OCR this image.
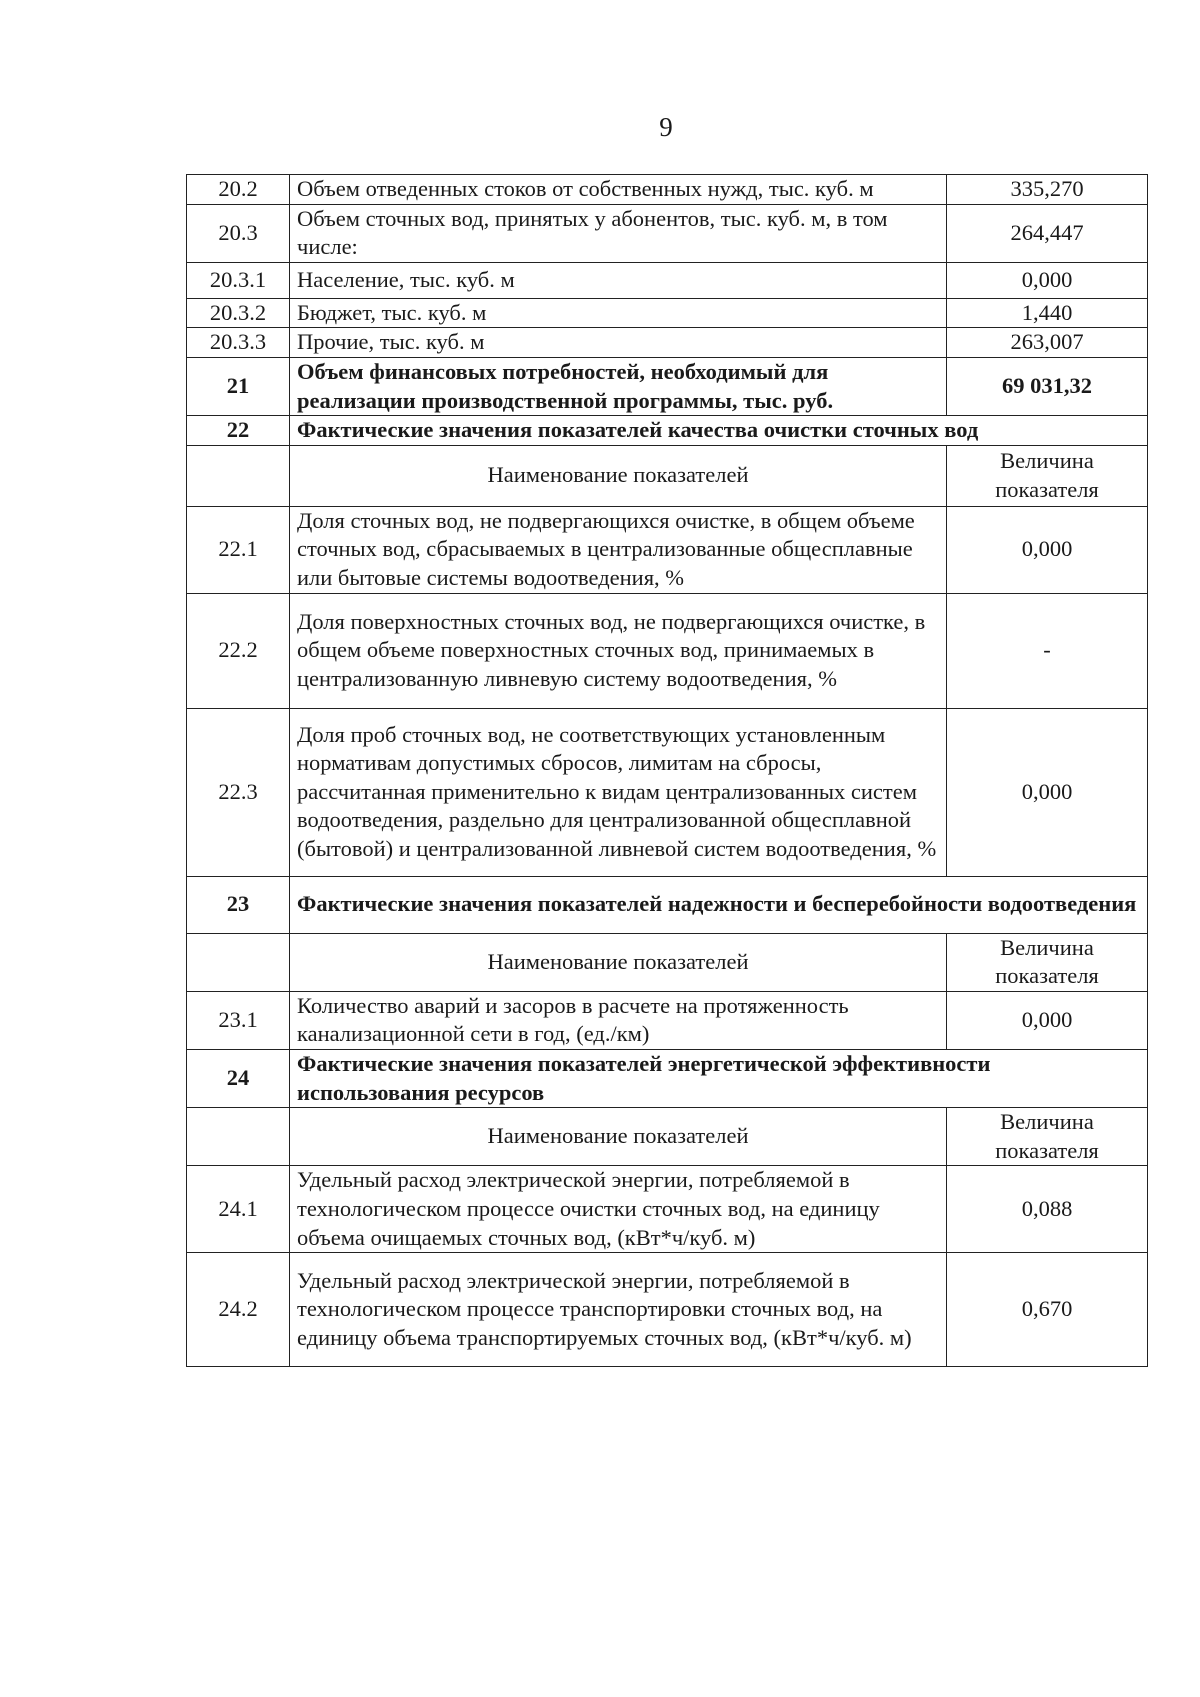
9
20.2	Объем отведенных стоков от собственных нужд, тыс. куб. м	335,270
20.3	Объем сточных вод, принятых у абонентов, тыс. куб. м, в том числе:	264,447
20.3.1	Население, тыс. куб. м	0,000
20.3.2	Бюджет, тыс. куб. м	1,440
20.3.3	Прочие, тыс. куб. м	263,007
21	Объем финансовых потребностей, необходимый для реализации производственной программы, тыс. руб.	69 031,32
22	Фактические значения показателей качества очистки сточных вод	
	Наименование показателей	Величина показателя
22.1	Доля сточных вод, не подвергающихся очистке, в общем объеме сточных вод, сбрасываемых в централизованные общесплавные или бытовые системы водоотведения, %	0,000
22.2	Доля поверхностных сточных вод, не подвергающихся очистке, в общем объеме поверхностных сточных вод, принимаемых в централизованную ливневую систему водоотведения, %	-
22.3	Доля проб сточных вод, не соответствующих установленным нормативам допустимых сбросов, лимитам на сбросы, рассчитанная применительно к видам централизованных систем водоотведения, раздельно для централизованной общесплавной (бытовой) и централизованной ливневой систем водоотведения, %	0,000
23	Фактические значения показателей надежности и бесперебойности водоотведения	
	Наименование показателей	Величина показателя
23.1	Количество аварий и засоров в расчете на протяженность канализационной сети в год, (ед./км)	0,000
24	Фактические значения показателей энергетической эффективности использования ресурсов	
	Наименование показателей	Величина показателя
24.1	Удельный расход электрической энергии, потребляемой в технологическом процессе очистки сточных вод, на единицу объема очищаемых сточных вод, (кВт*ч/куб. м)	0,088
24.2	Удельный расход электрической энергии, потребляемой в технологическом процессе транспортировки сточных вод, на единицу объема транспортируемых сточных вод, (кВт*ч/куб. м)	0,670
